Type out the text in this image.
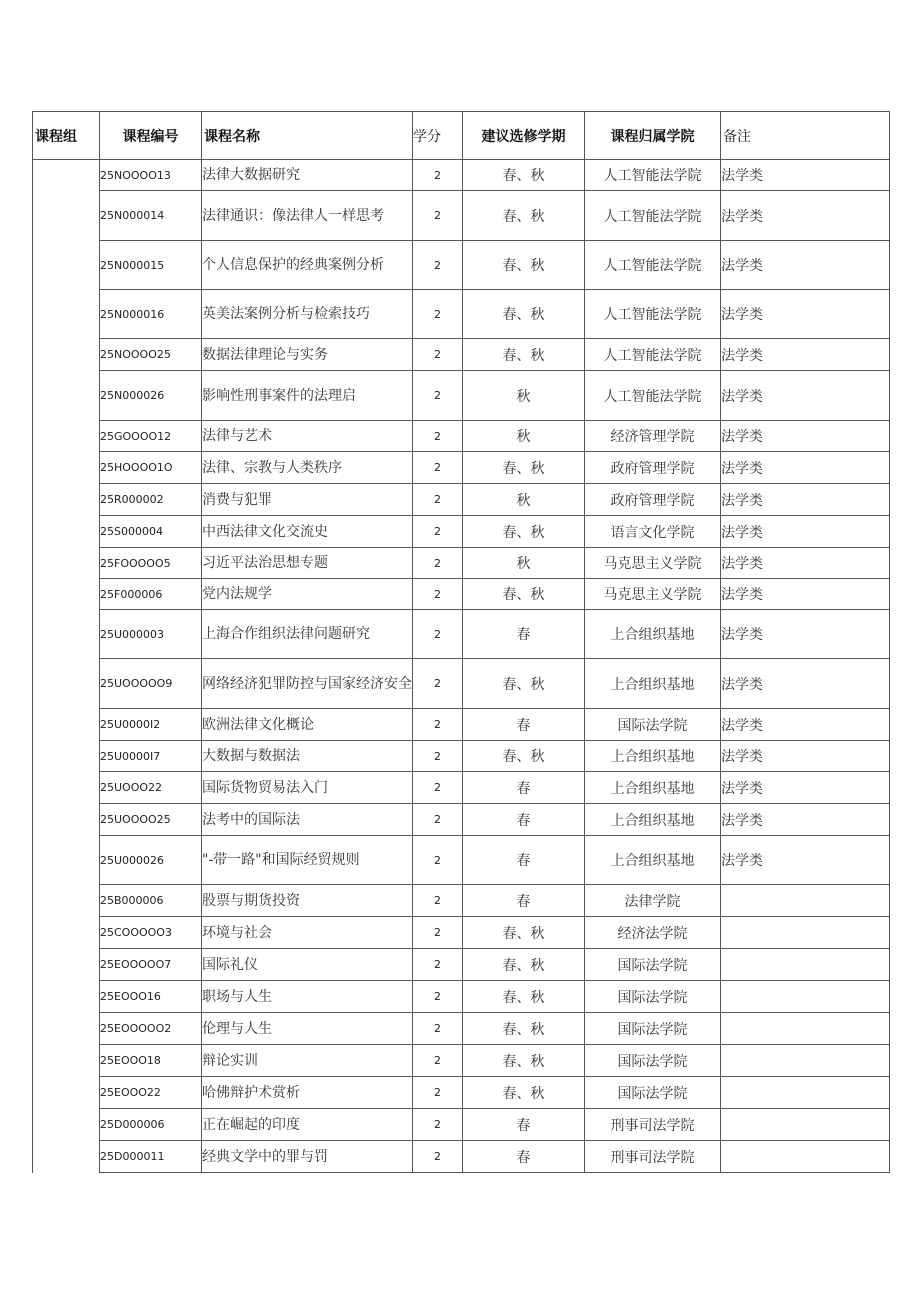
课程组	课程编号	课程名称	学分	建议选修学期	课程归属学院	备注
	25NOOOO13	法律大数据研究	2	春、秋	人工智能法学院	法学类
	25N000014	法律通识：像法律人一样思考	2	春、秋	人工智能法学院	法学类
	25N000015	个人信息保护的经典案例分析	2	春、秋	人工智能法学院	法学类
	25N000016	英美法案例分析与检索技巧	2	春、秋	人工智能法学院	法学类
	25NOOOO25	数据法律理论与实务	2	春、秋	人工智能法学院	法学类
	25N000026	影响性刑事案件的法理启	2	秋	人工智能法学院	法学类
	25GOOOO12	法律与艺术	2	秋	经济管理学院	法学类
	25HOOOO1O	法律、宗教与人类秩序	2	春、秋	政府管理学院	法学类
	25R000002	消费与犯罪	2	秋	政府管理学院	法学类
	25S000004	中西法律文化交流史	2	春、秋	语言文化学院	法学类
	25FOOOOO5	习近平法治思想专题	2	秋	马克思主义学院	法学类
	25F000006	党内法规学	2	春、秋	马克思主义学院	法学类
	25U000003	上海合作组织法律问题研究	2	春	上合组织基地	法学类
	25UOOOOO9	网络经济犯罪防控与国家经济安全	2	春、秋	上合组织基地	法学类
	25U0000I2	欧洲法律文化概论	2	春	国际法学院	法学类
	25U0000I7	大数据与数据法	2	春、秋	上合组织基地	法学类
	25UOOO22	国际货物贸易法入门	2	春	上合组织基地	法学类
	25UOOOO25	法考中的国际法	2	春	上合组织基地	法学类
	25U000026	"-带一路"和国际经贸规则	2	春	上合组织基地	法学类
	25B000006	股票与期货投资	2	春	法律学院	
	25COOOOO3	环境与社会	2	春、秋	经济法学院	
	25EOOOOO7	国际礼仪	2	春、秋	国际法学院	
	25EOOO16	职场与人生	2	春、秋	国际法学院	
	25EOOOOO2	伦理与人生	2	春、秋	国际法学院	
	25EOOO18	辩论实训	2	春、秋	国际法学院	
	25EOOO22	哈佛辩护术赏析	2	春、秋	国际法学院	
	25D000006	正在崛起的印度	2	春	刑事司法学院	
	25D000011	经典文学中的罪与罚	2	春	刑事司法学院	
